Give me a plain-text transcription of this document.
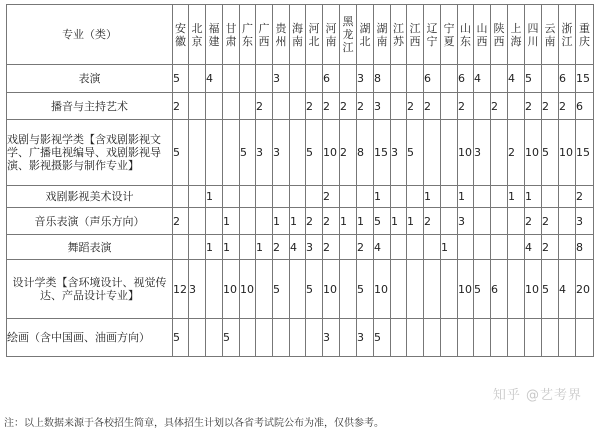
专业（类）	安徽	北京	福建	甘肃	广东	广西	贵州	海南	河北	河南	黑龙江	湖北	湖南	江苏	江西	辽宁	宁夏	山东	山西	陕西	上海	四川	云南	浙江	重庆
表演	5		4				3			6		3	8			6		6	4		4	5		6	15
播音与主持艺术	2					2			2	2	2	2	3		2	2		2		2		2	2	2	6
戏剧与影视学类【含戏剧影视文学、广播电视编导、戏剧影视导演、影视摄影与制作专业】	5				5	3	3		5	10	2	8	15	3	5			10	3		2	10	5	10	15
戏剧影视美术设计			1							2			1			1		1			1	1			2
音乐表演（声乐方向）	2			1			1	1	2	2	1	1	5	1	1	2		3				2	2		3
舞蹈表演			1	1		1	2	4	3	2		2	4				1					4	2		8
设计学类【含环境设计、视觉传达、产品设计专业】	12	3		10	10		5		5	10		5	10					10	5	6		10	5	4	20
绘画（含中国画、油画方向）	5			5						3		3	5												
知乎 @艺考界
注：以上数据来源于各校招生简章，具体招生计划以各省考试院公布为准，仅供参考。
